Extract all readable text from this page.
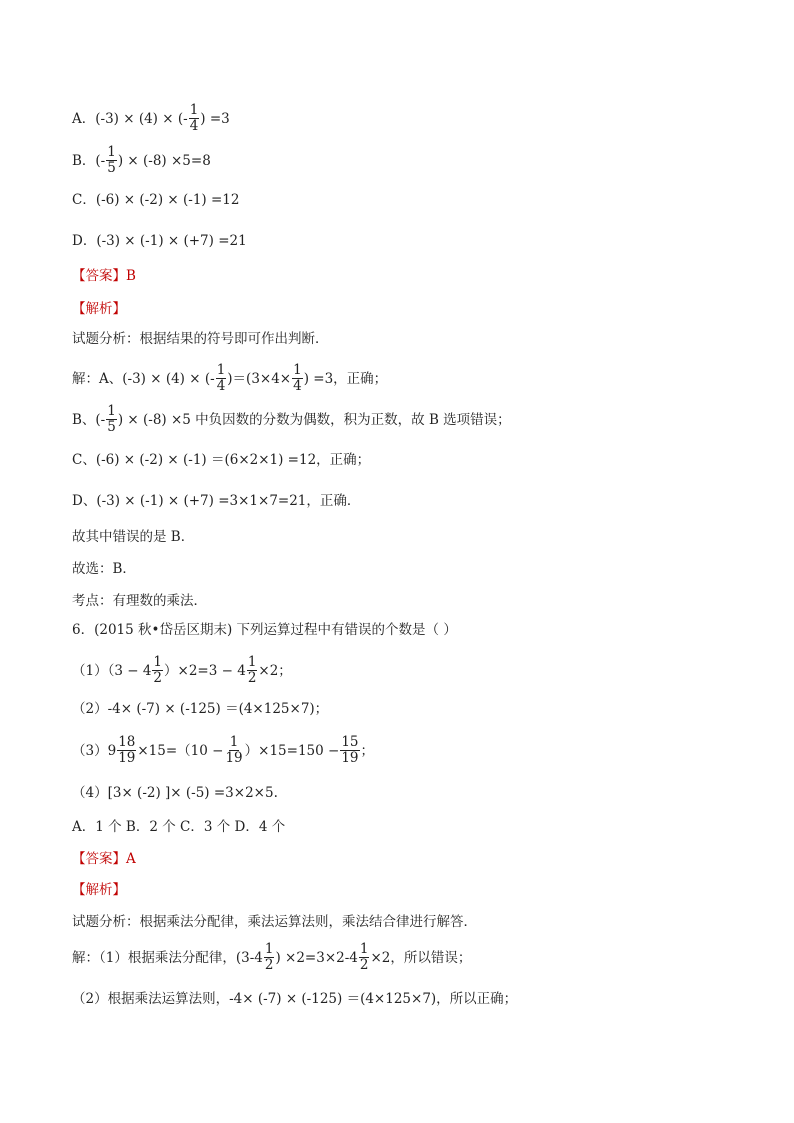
A．(-3) × (4) × (- $\frac{1}{4}$ ) =3
B．(- $\frac{1}{5}$ ) × (-8) ×5=8
C．(-6) × (-2) × (-1) =12
D．(-3) × (-1) × (+7) =21
【答案】 B
【解析】
试题分析：根据结果的符号即可作出判断．
解：A、(-3) × (4) × (- $\frac{1}{4} )=(3\times 4\times \frac{1}{4}$ ) =3，正确；
B、(- $\frac{1}{5}$ ) × (-8) ×5 中负因数的分数为偶数，积为正数，故 B 选项错误；
C、(-6) × (-2) × (-1) ＝(6×2×1) =12，正确；
D、(-3) × (-1) × (+7) =3×1×7=21，正确．
故其中错误的是 B．
故选：B．
考点：有理数的乘法．
6．(2015 秋•岱岳区期末) 下列运算过程中有错误的个数是（ ）
$(1)(3 - 4 \frac{1}{2} )\times 2=3 - 4 \frac{1}{2} \times 2$；
（2）-4× (-7) × (-125) ＝(4×125×7)；
$(3)9 \frac{18}{19} \times 15=(10 - \frac{1}{19} )\times 15=150 - \frac{15}{19}$ ；
（4）[3× (-2) ]× (-5) =3×2×5.
A．1 个 B．2 个 C．3 个 D．4 个
【答案】 A
【解析】
试题分析：根据乘法分配律，乘法运算法则，乘法结合律进行解答．
解：（1）根据乘法分配律，($3-4 \frac{1}{2}$ ) $\times 2=3\times 2-4 \frac{1}{2} \times 2$，所以错误；
（2）根据乘法运算法则，-4× (-7) × (-125) ＝(4×125×7)，所以正确；
